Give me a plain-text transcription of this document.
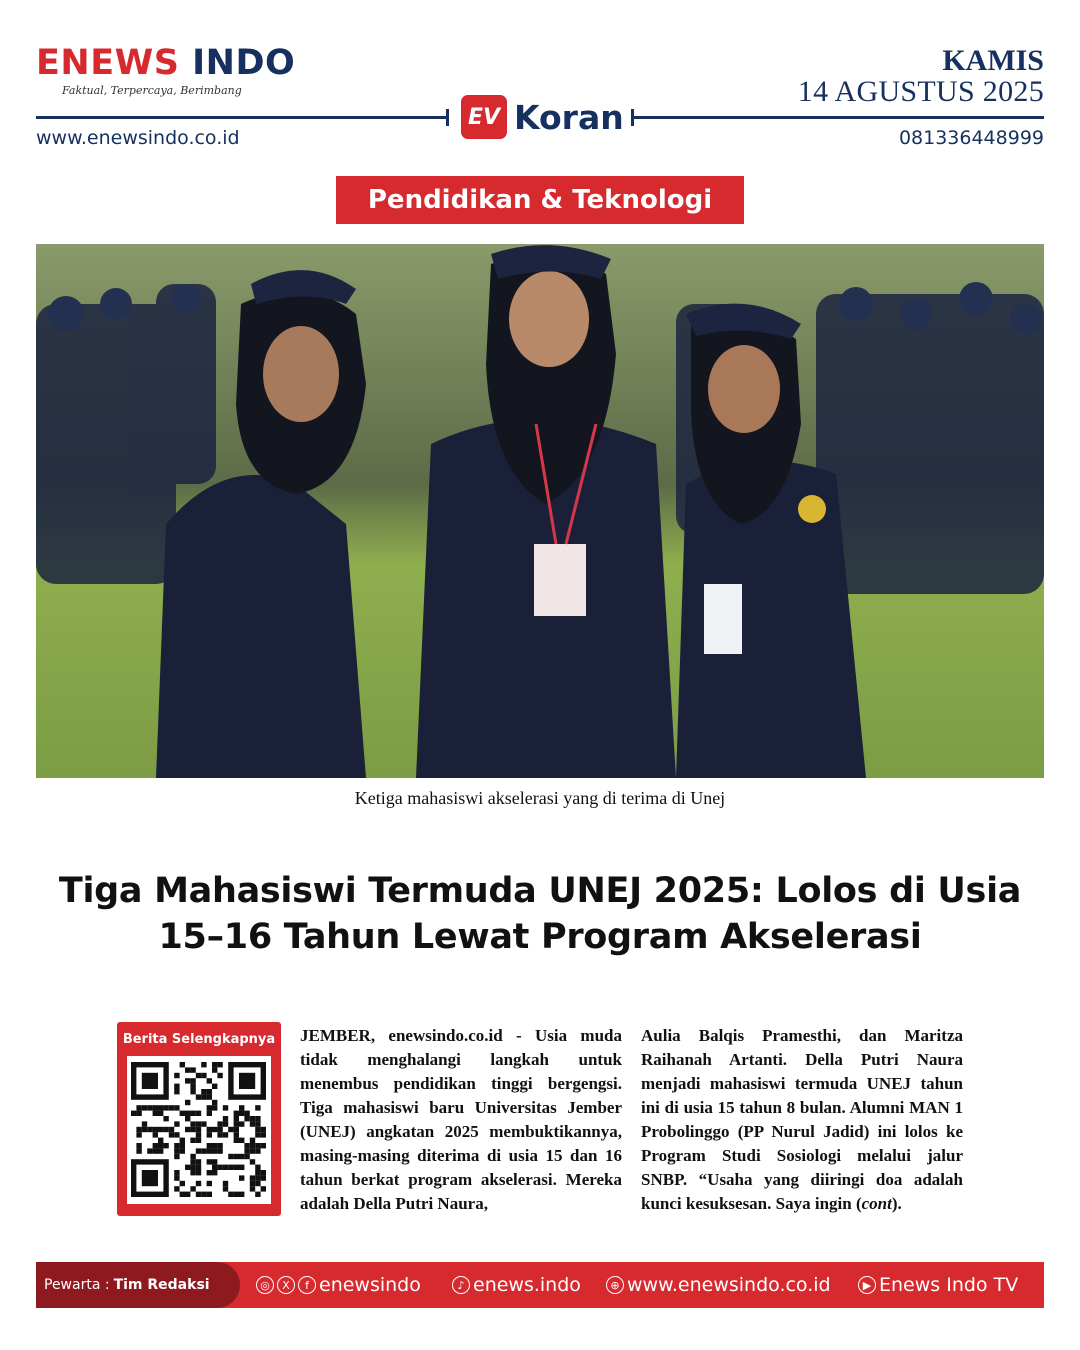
ENEWS INDO
Faktual, Terpercaya, Berimbang
KAMIS
14 AGUSTUS 2025
EV Koran
www.enewsindo.co.id	081336448999
Pendidikan & Teknologi
Ketiga mahasiswi akselerasi yang di terima di Unej
Tiga Mahasiswi Termuda UNEJ 2025: Lolos di Usia
15–16 Tahun Lewat Program Akselerasi
Berita Selengkapnya	JEMBER, enewsindo.co.id - Usia muda tidak menghalangi langkah untuk menembus pendidikan tinggi bergengsi. Tiga mahasiswi baru Universitas Jember (UNEJ) angkatan 2025 membuktikannya, masing-masing diterima di usia 15 dan 16 tahun berkat program akselerasi. Mereka adalah Della Putri Naura,
Aulia Balqis Pramesthi, dan Maritza Raihanah Artanti. Della Putri Naura menjadi mahasiswi termuda UNEJ tahun ini di usia 15 tahun 8 bulan. Alumni MAN 1 Probolinggo (PP Nurul Jadid) ini lolos ke Program Studi Sosiologi melalui jalur SNBP. “Usaha yang diiringi doa adalah kunci kesuksesan. Saya ingin (cont).
Pewarta : Tim Redaksi	◎	X	f enewsindo	♪ enews.indo	⊕ www.enewsindo.co.id	▶ Enews Indo TV
